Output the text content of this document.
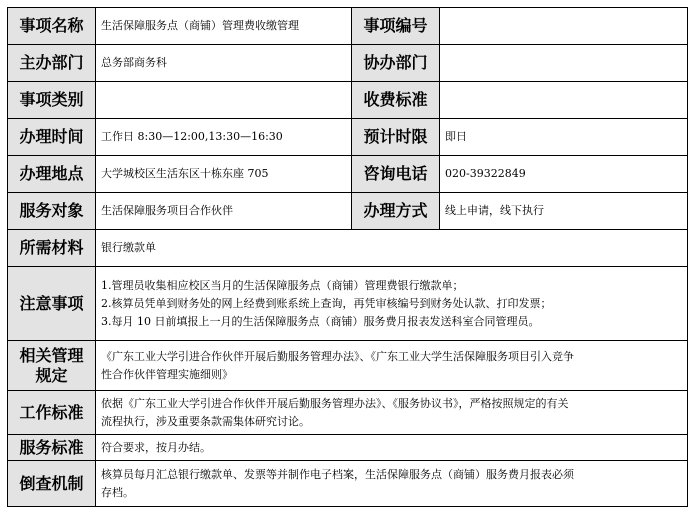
事项名称	生活保障服务点（商铺）管理费收缴管理	事项编号	
主办部门	总务部商务科	协办部门	
事项类别		收费标准	
办理时间	工作日 8:30—12:00,13:30—16:30	预计时限	即日
办理地点	大学城校区生活东区十栋东座 705	咨询电话	020-39322849
服务对象	生活保障服务项目合作伙伴	办理方式	线上申请，线下执行
所需材料	银行缴款单		
注意事项	1.管理员收集相应校区当月的生活保障服务点（商铺）管理费银行缴款单；
2.核算员凭单到财务处的网上经费到账系统上查询，再凭审核编号到财务处认款、打印发票；
3.每月 10 日前填报上一月的生活保障服务点（商铺）服务费月报表发送科室合同管理员。		

相关管理
规定	《广东工业大学引进合作伙伴开展后勤服务管理办法》、《广东工业大学生活保障服务项目引入竞争
性合作伙伴管理实施细则》		

工作标准	依据《广东工业大学引进合作伙伴开展后勤服务管理办法》、《服务协议书》，严格按照规定的有关
流程执行，涉及重要条款需集体研究讨论。		

服务标准	符合要求，按月办结。		
倒查机制	核算员每月汇总银行缴款单、发票等并制作电子档案，生活保障服务点（商铺）服务费月报表必须
存档。		
